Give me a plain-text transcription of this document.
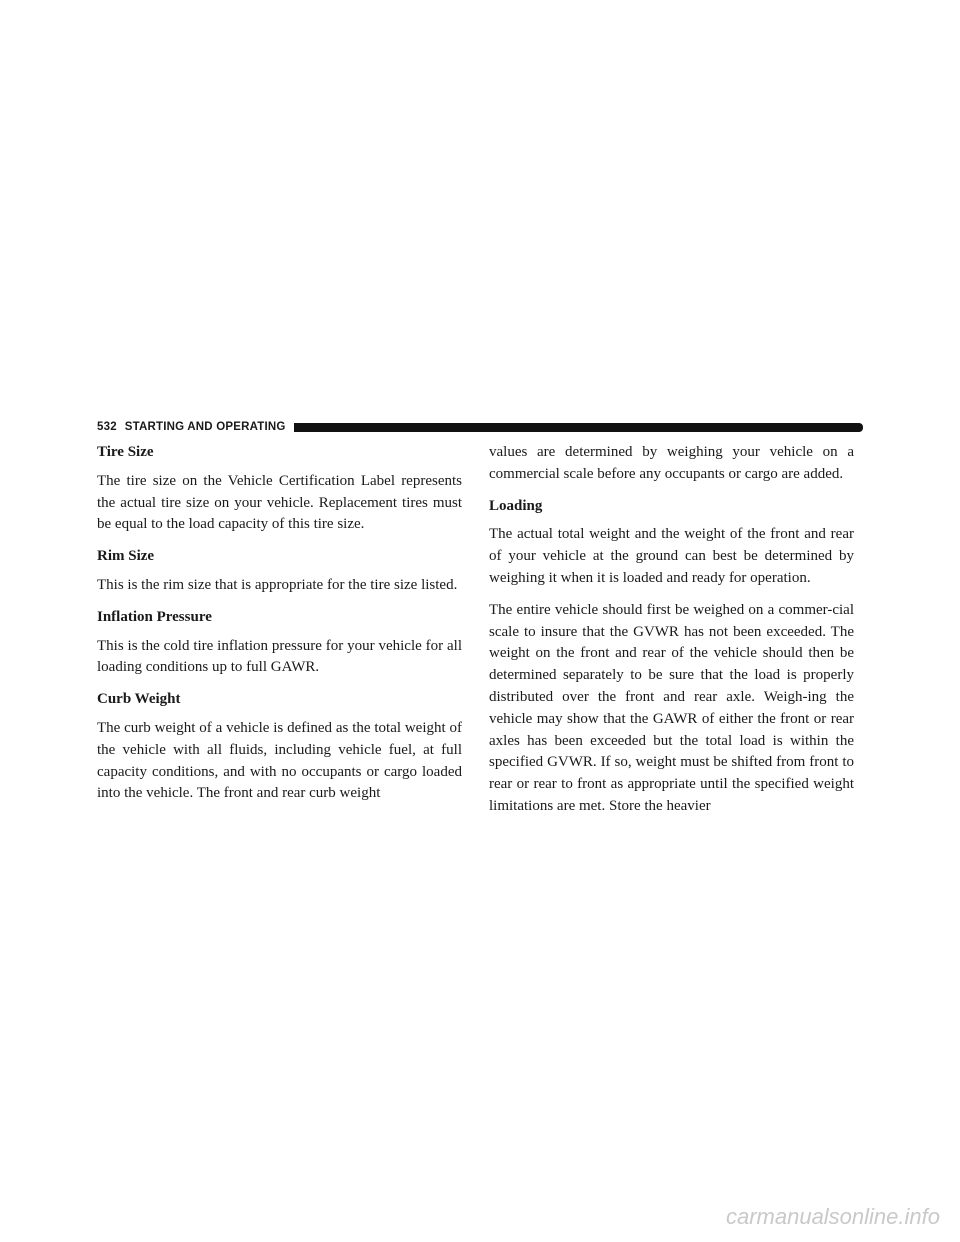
532 STARTING AND OPERATING
Tire Size

The tire size on the Vehicle Certification Label represents the actual tire size on your vehicle. Replacement tires must be equal to the load capacity of this tire size.

Rim Size

This is the rim size that is appropriate for the tire size listed.

Inflation Pressure

This is the cold tire inflation pressure for your vehicle for all loading conditions up to full GAWR.

Curb Weight

The curb weight of a vehicle is defined as the total weight of the vehicle with all fluids, including vehicle fuel, at full capacity conditions, and with no occupants or cargo loaded into the vehicle. The front and rear curb weight

values are determined by weighing your vehicle on a commercial scale before any occupants or cargo are added.

Loading

The actual total weight and the weight of the front and rear of your vehicle at the ground can best be determined by weighing it when it is loaded and ready for operation.

The entire vehicle should first be weighed on a commer-cial scale to insure that the GVWR has not been exceeded. The weight on the front and rear of the vehicle should then be determined separately to be sure that the load is properly distributed over the front and rear axle. Weigh-ing the vehicle may show that the GAWR of either the front or rear axles has been exceeded but the total load is within the specified GVWR. If so, weight must be shifted from front to rear or rear to front as appropriate until the specified weight limitations are met. Store the heavier

carmanualsonline.info
